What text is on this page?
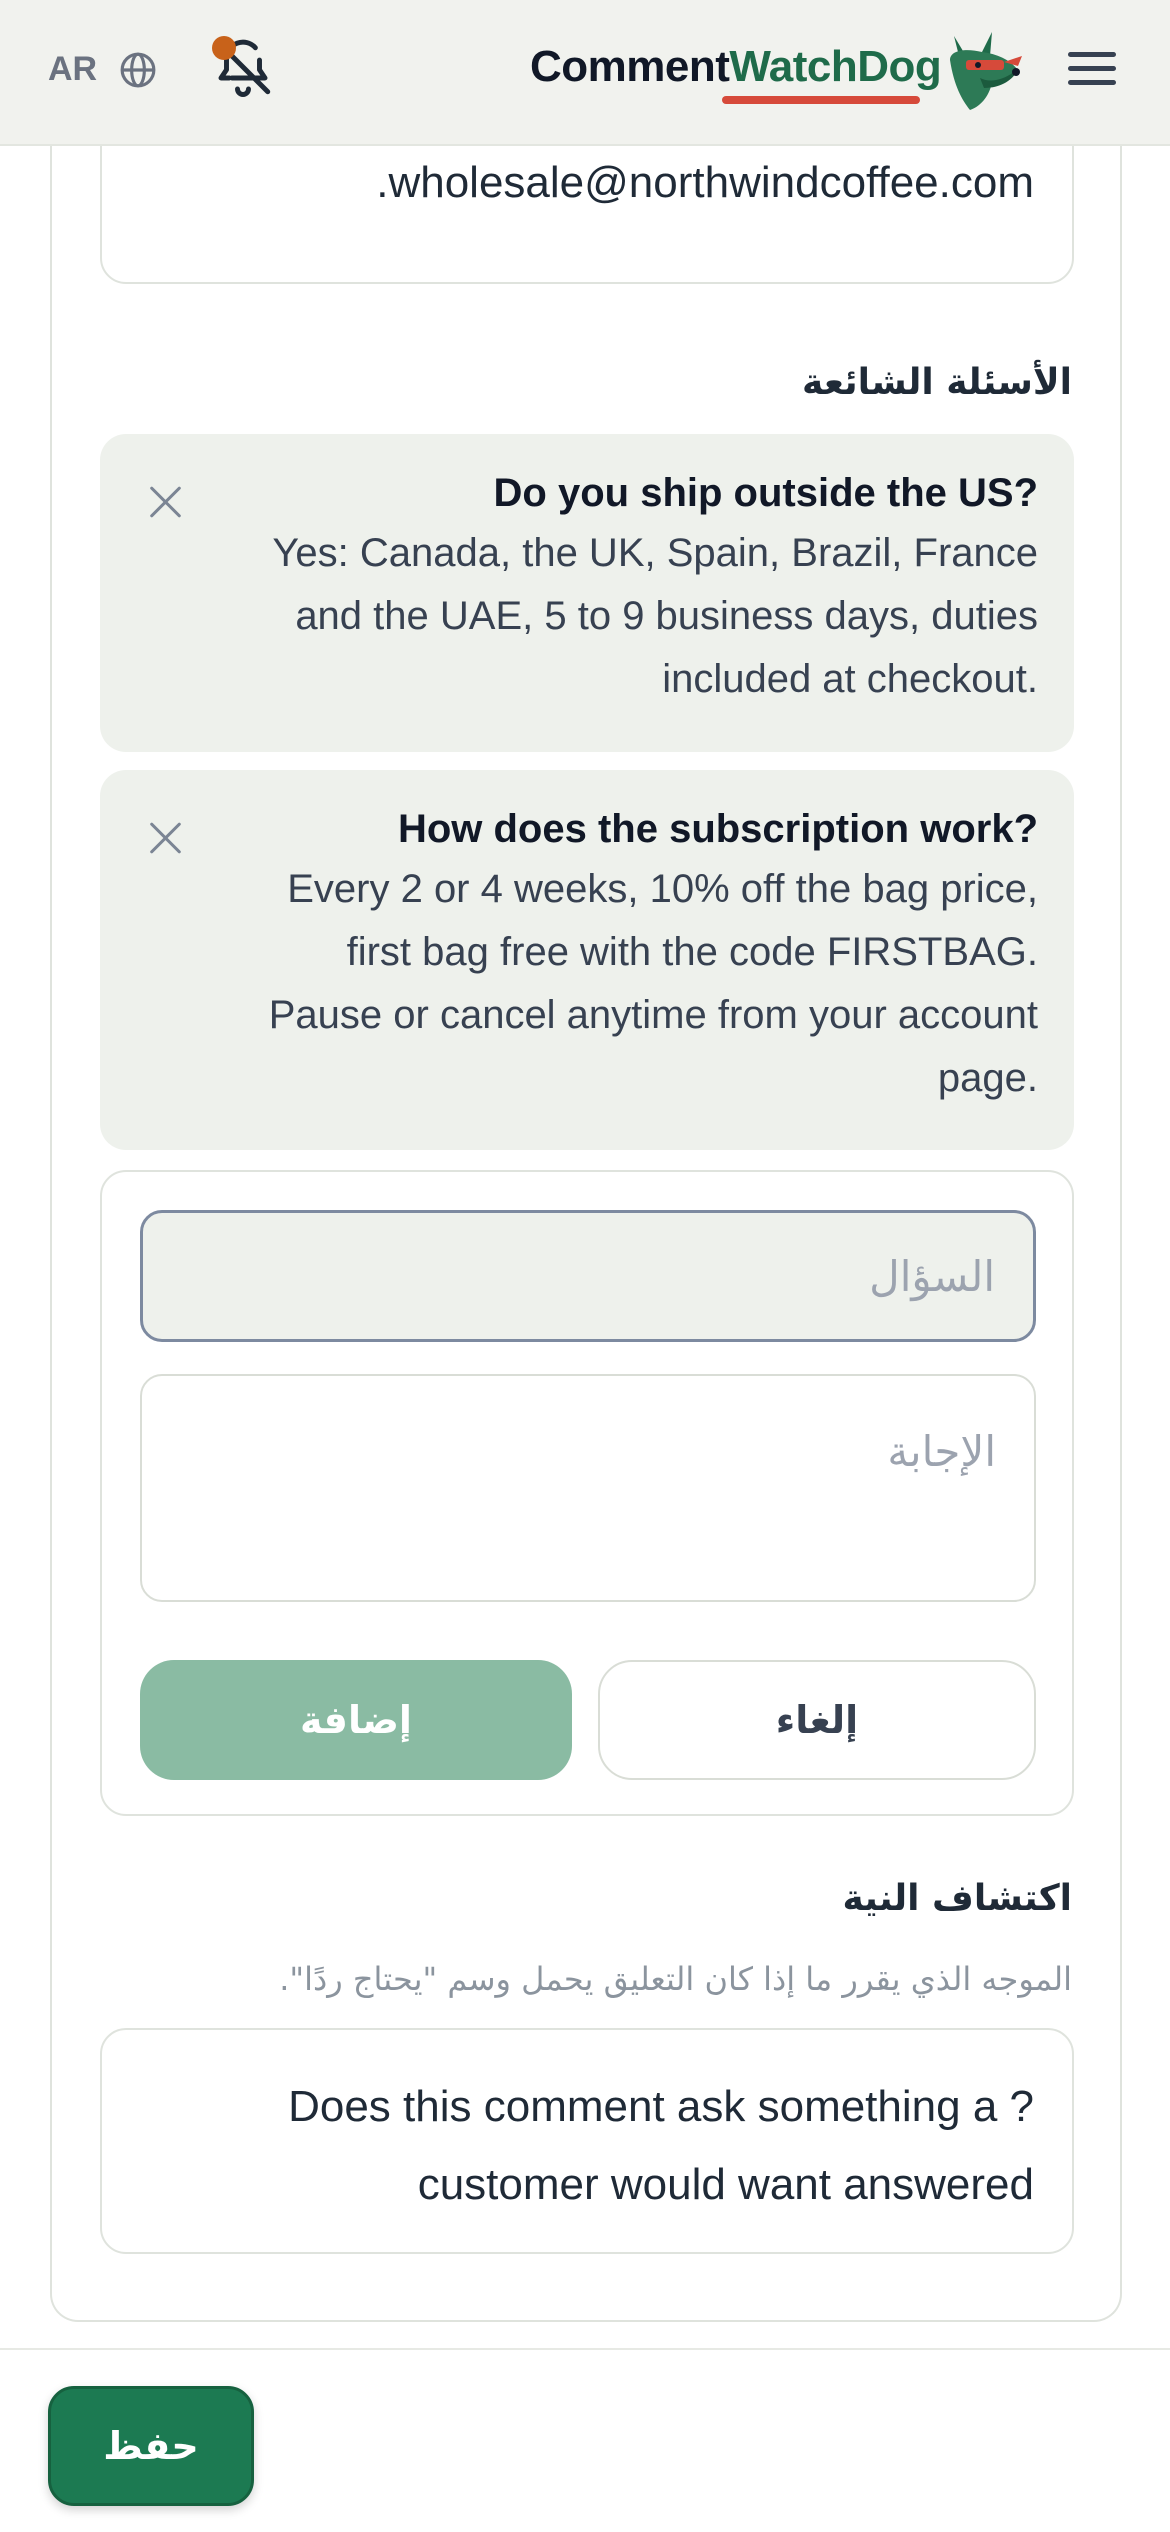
AR	CommentWatchDog
.wholesale@northwindcoffee.com
الأسئلة الشائعة
Do you ship outside the US?
Yes: Canada, the UK, Spain, Brazil, France and the UAE, 5 to 9 business days, duties included at checkout.
How does the subscription work?
Every 2 or 4 weeks, 10% off the bag price, first bag free with the code FIRSTBAG. Pause or cancel anytime from your account page.
السؤال
الإجابة
إضافة	إلغاء
اكتشاف النية
الموجه الذي يقرر ما إذا كان التعليق يحمل وسم "يحتاج ردًا".
Does this comment ask something a ?customer would want answered
حفظ
